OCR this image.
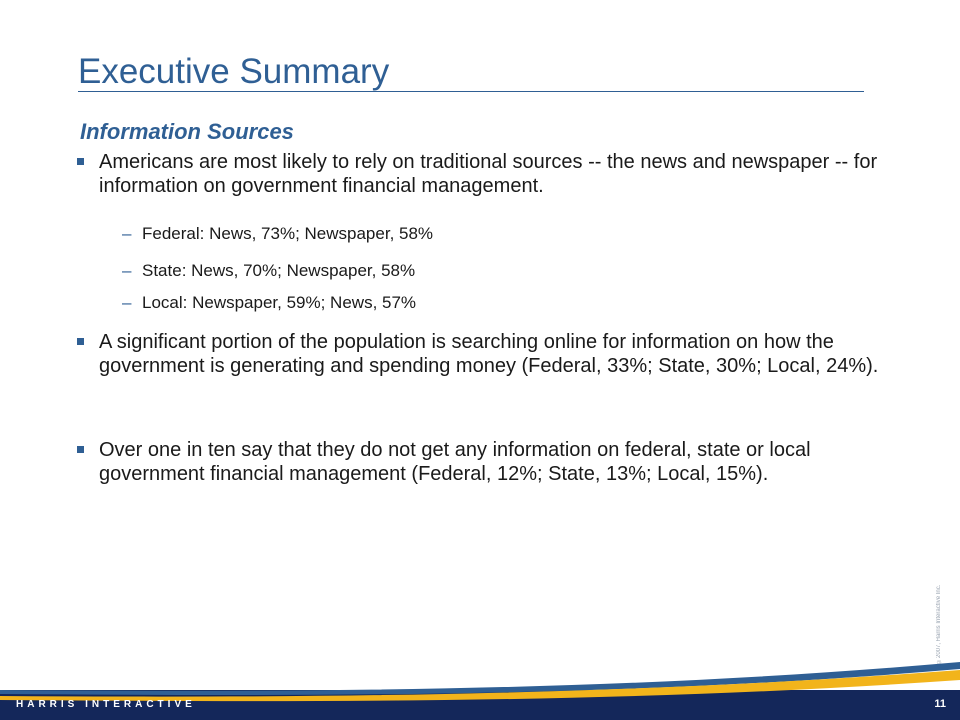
Executive Summary
Information Sources
Americans are most likely to rely on traditional sources -- the news and newspaper -- for information on government financial management.
– Federal: News, 73%; Newspaper, 58%
– State: News, 70%; Newspaper, 58%
– Local: Newspaper, 59%; News, 57%
A significant portion of the population is searching online for information on how the government is generating and spending money (Federal, 33%; State, 30%; Local, 24%).
Over one in ten say that they do not get any information on federal, state or local government financial management (Federal, 12%; State, 13%; Local, 15%).
©2007, Harris Interactive Inc.
HARRIS INTERACTIVE	11
